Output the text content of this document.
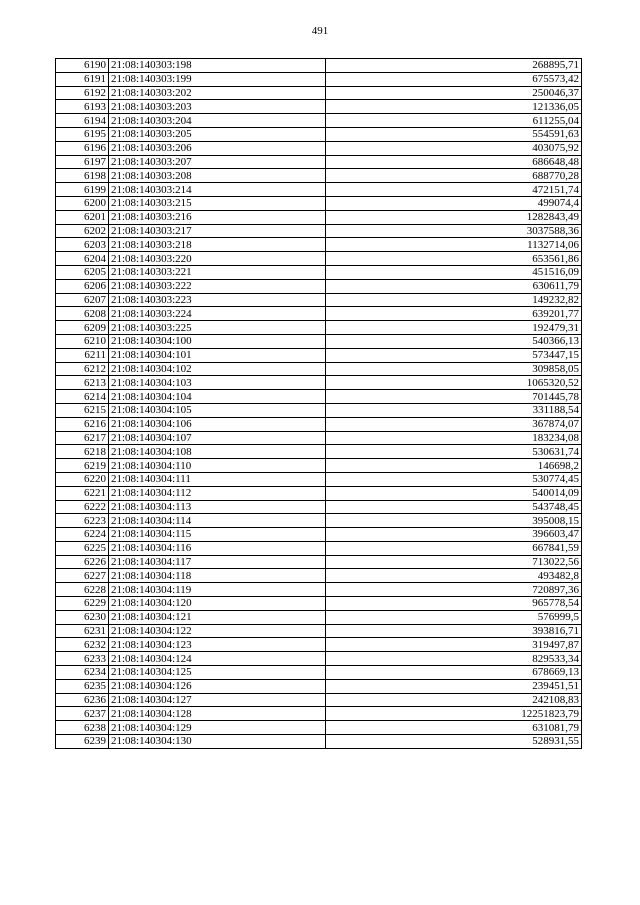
491
6190	21:08:140303:198	268895,71
6191	21:08:140303:199	675573,42
6192	21:08:140303:202	250046,37
6193	21:08:140303:203	121336,05
6194	21:08:140303:204	611255,04
6195	21:08:140303:205	554591,63
6196	21:08:140303:206	403075,92
6197	21:08:140303:207	686648,48
6198	21:08:140303:208	688770,28
6199	21:08:140303:214	472151,74
6200	21:08:140303:215	499074,4
6201	21:08:140303:216	1282843,49
6202	21:08:140303:217	3037588,36
6203	21:08:140303:218	1132714,06
6204	21:08:140303:220	653561,86
6205	21:08:140303:221	451516,09
6206	21:08:140303:222	630611,79
6207	21:08:140303:223	149232,82
6208	21:08:140303:224	639201,77
6209	21:08:140303:225	192479,31
6210	21:08:140304:100	540366,13
6211	21:08:140304:101	573447,15
6212	21:08:140304:102	309858,05
6213	21:08:140304:103	1065320,52
6214	21:08:140304:104	701445,78
6215	21:08:140304:105	331188,54
6216	21:08:140304:106	367874,07
6217	21:08:140304:107	183234,08
6218	21:08:140304:108	530631,74
6219	21:08:140304:110	146698,2
6220	21:08:140304:111	530774,45
6221	21:08:140304:112	540014,09
6222	21:08:140304:113	543748,45
6223	21:08:140304:114	395008,15
6224	21:08:140304:115	396603,47
6225	21:08:140304:116	667841,59
6226	21:08:140304:117	713022,56
6227	21:08:140304:118	493482,8
6228	21:08:140304:119	720897,36
6229	21:08:140304:120	965778,54
6230	21:08:140304:121	576999,5
6231	21:08:140304:122	393816,71
6232	21:08:140304:123	319497,87
6233	21:08:140304:124	829533,34
6234	21:08:140304:125	678669,13
6235	21:08:140304:126	239451,51
6236	21:08:140304:127	242108,83
6237	21:08:140304:128	12251823,79
6238	21:08:140304:129	631081,79
6239	21:08:140304:130	528931,55
